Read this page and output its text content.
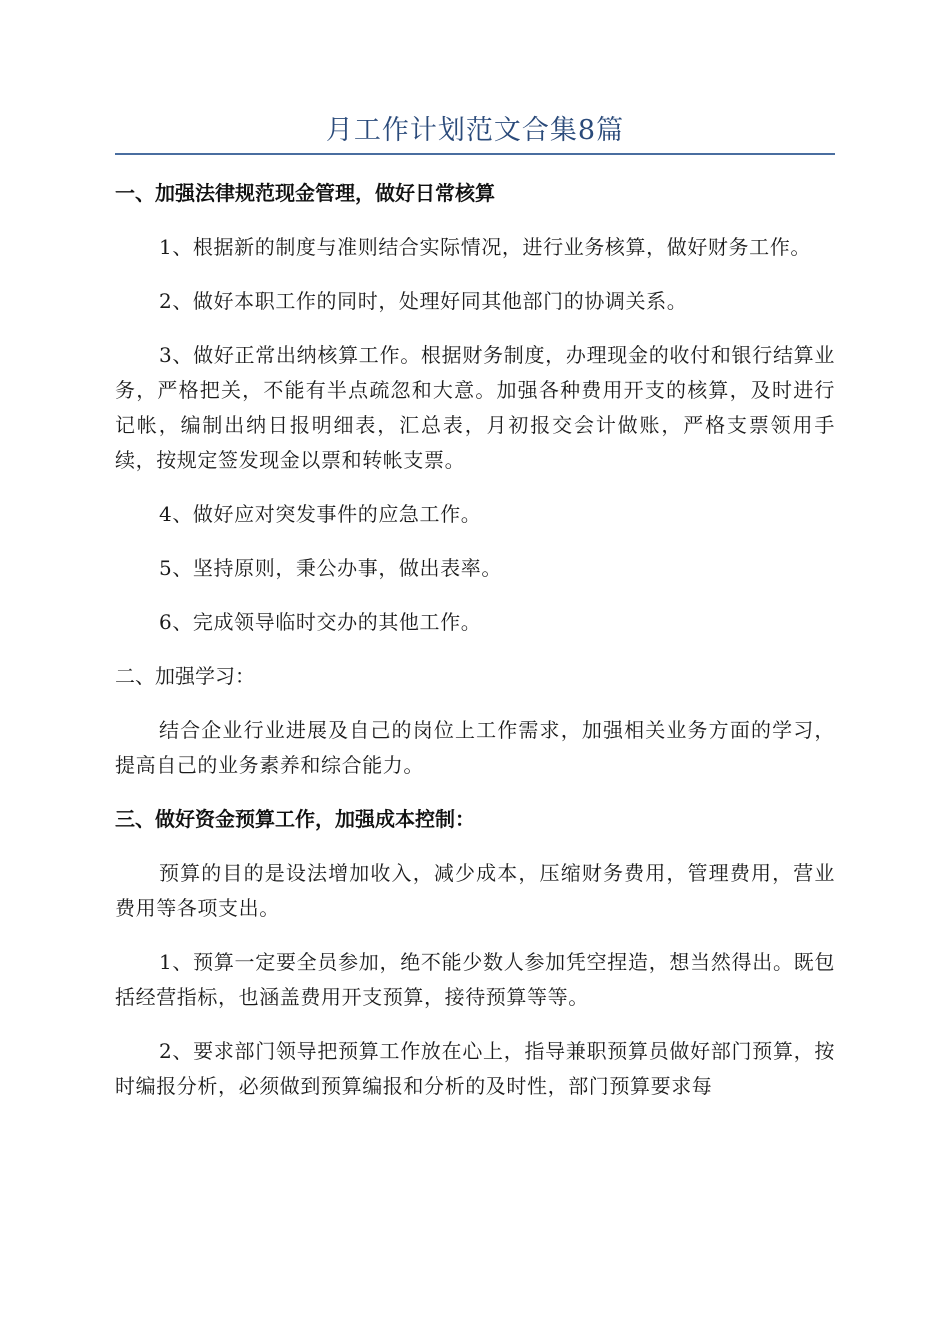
月工作计划范文合集8篇

一、加强法律规范现金管理，做好日常核算

1、根据新的制度与准则结合实际情况，进行业务核算，做好财务工作。

2、做好本职工作的同时，处理好同其他部门的协调关系。

3、做好正常出纳核算工作。根据财务制度，办理现金的收付和银行结算业务，严格把关，不能有半点疏忽和大意。加强各种费用开支的核算，及时进行记帐，编制出纳日报明细表，汇总表，月初报交会计做账，严格支票领用手续，按规定签发现金以票和转帐支票。

4、做好应对突发事件的应急工作。

5、坚持原则，秉公办事，做出表率。

6、完成领导临时交办的其他工作。

二、加强学习：

结合企业行业进展及自己的岗位上工作需求，加强相关业务方面的学习，提高自己的业务素养和综合能力。

三、做好资金预算工作，加强成本控制：

预算的目的是设法增加收入，减少成本，压缩财务费用，管理费用，营业费用等各项支出。

1、预算一定要全员参加，绝不能少数人参加凭空捏造，想当然得出。既包括经营指标，也涵盖费用开支预算，接待预算等等。

2、要求部门领导把预算工作放在心上，指导兼职预算员做好部门预算，按时编报分析，必须做到预算编报和分析的及时性，部门预算要求每
